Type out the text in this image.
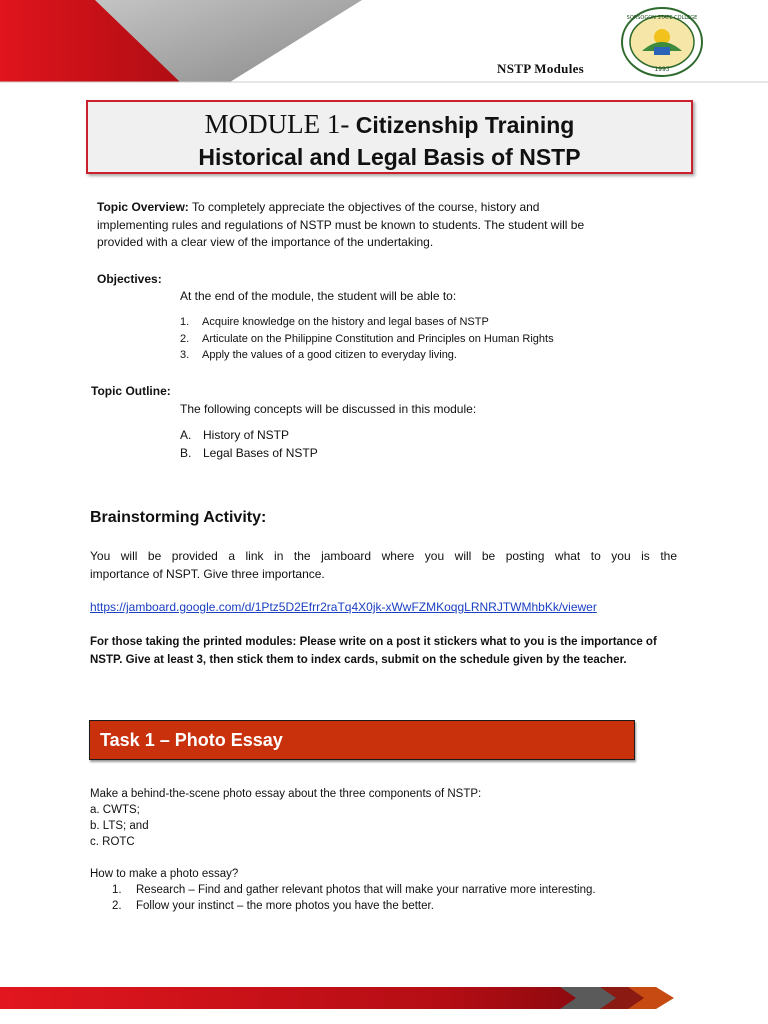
NSTP Modules
SORSOGON STATE COLLEGE
1993
MODULE 1- Citizenship Training
Historical and Legal Basis of NSTP
Topic Overview: To completely appreciate the objectives of the course, history and
implementing rules and regulations of NSTP must be known to students. The student will be
provided with a clear view of the importance of the undertaking.
Objectives:
At the end of the module, the student will be able to:
1. Acquire knowledge on the history and legal bases of NSTP
2. Articulate on the Philippine Constitution and Principles on Human Rights
3. Apply the values of a good citizen to everyday living.
Topic Outline:
The following concepts will be discussed in this module:
A. History of NSTP
B. Legal Bases of NSTP
Brainstorming Activity:
You will be provided a link in the jamboard where you will be posting what to you is the
importance of NSPT. Give three importance.
https://jamboard.google.com/d/1Ptz5D2Efrr2raTq4X0jk-xWwFZMKoqgLRNRJTWMhbKk/viewer
For those taking the printed modules: Please write on a post it stickers what to you is the importance of
NSTP. Give at least 3, then stick them to index cards, submit on the schedule given by the teacher.
Task 1 – Photo Essay
Make a behind-the-scene photo essay about the three components of NSTP:
a. CWTS;
b. LTS; and
c. ROTC
How to make a photo essay?
1. Research – Find and gather relevant photos that will make your narrative more interesting.
2. Follow your instinct – the more photos you have the better.
